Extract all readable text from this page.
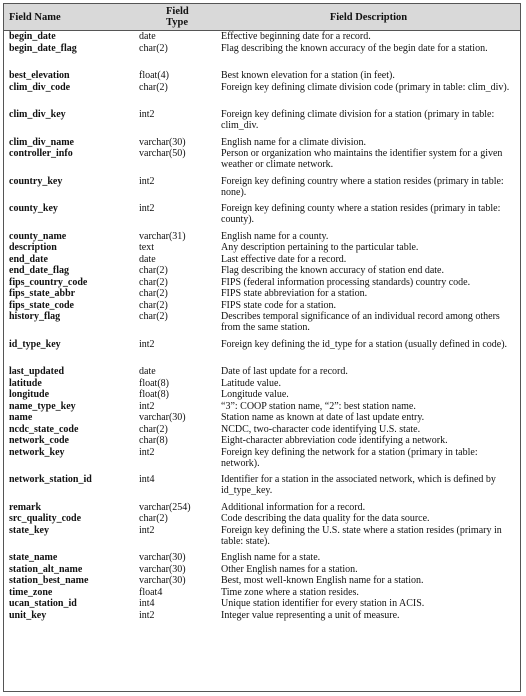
Field Name	Field Type	Field Description
begin_date	date	Effective beginning date for a record.
begin_date_flag	char(2)	Flag describing the known accuracy of the begin date for a station.
best_elevation	float(4)	Best known elevation for a station (in feet).
clim_div_code	char(2)	Foreign key defining climate division code (primary in table: clim_div).
clim_div_key	int2	Foreign key defining climate division for a station (primary in table: clim_div.
clim_div_name	varchar(30)	English name for a climate division.
controller_info	varchar(50)	Person or organization who maintains the identifier system for a given weather or climate network.
country_key	int2	Foreign key defining country where a station resides (primary in table: none).
county_key	int2	Foreign key defining county where a station resides (primary in table: county).
county_name	varchar(31)	English name for a county.
description	text	Any description pertaining to the particular table.
end_date	date	Last effective date for a record.
end_date_flag	char(2)	Flag describing the known accuracy of station end date.
fips_country_code	char(2)	FIPS (federal information processing standards) country code.
fips_state_abbr	char(2)	FIPS state abbreviation for a station.
fips_state_code	char(2)	FIPS state code for a station.
history_flag	char(2)	Describes temporal significance of an individual record among others from the same station.
id_type_key	int2	Foreign key defining the id_type for a station (usually defined in code).
last_updated	date	Date of last update for a record.
latitude	float(8)	Latitude value.
longitude	float(8)	Longitude value.
name_type_key	int2	“3”: COOP station name, “2”: best station name.
name	varchar(30)	Station name as known at date of last update entry.
ncdc_state_code	char(2)	NCDC, two-character code identifying U.S. state.
network_code	char(8)	Eight-character abbreviation code identifying a network.
network_key	int2	Foreign key defining the network for a station (primary in table: network).
network_station_id	int4	Identifier for a station in the associated network, which is defined by id_type_key.
remark	varchar(254)	Additional information for a record.
src_quality_code	char(2)	Code describing the data quality for the data source.
state_key	int2	Foreign key defining the U.S. state where a station resides (primary in table: state).
state_name	varchar(30)	English name for a state.
station_alt_name	varchar(30)	Other English names for a station.
station_best_name	varchar(30)	Best, most well-known English name for a station.
time_zone	float4	Time zone where a station resides.
ucan_station_id	int4	Unique station identifier for every station in ACIS.
unit_key	int2	Integer value representing a unit of measure.
